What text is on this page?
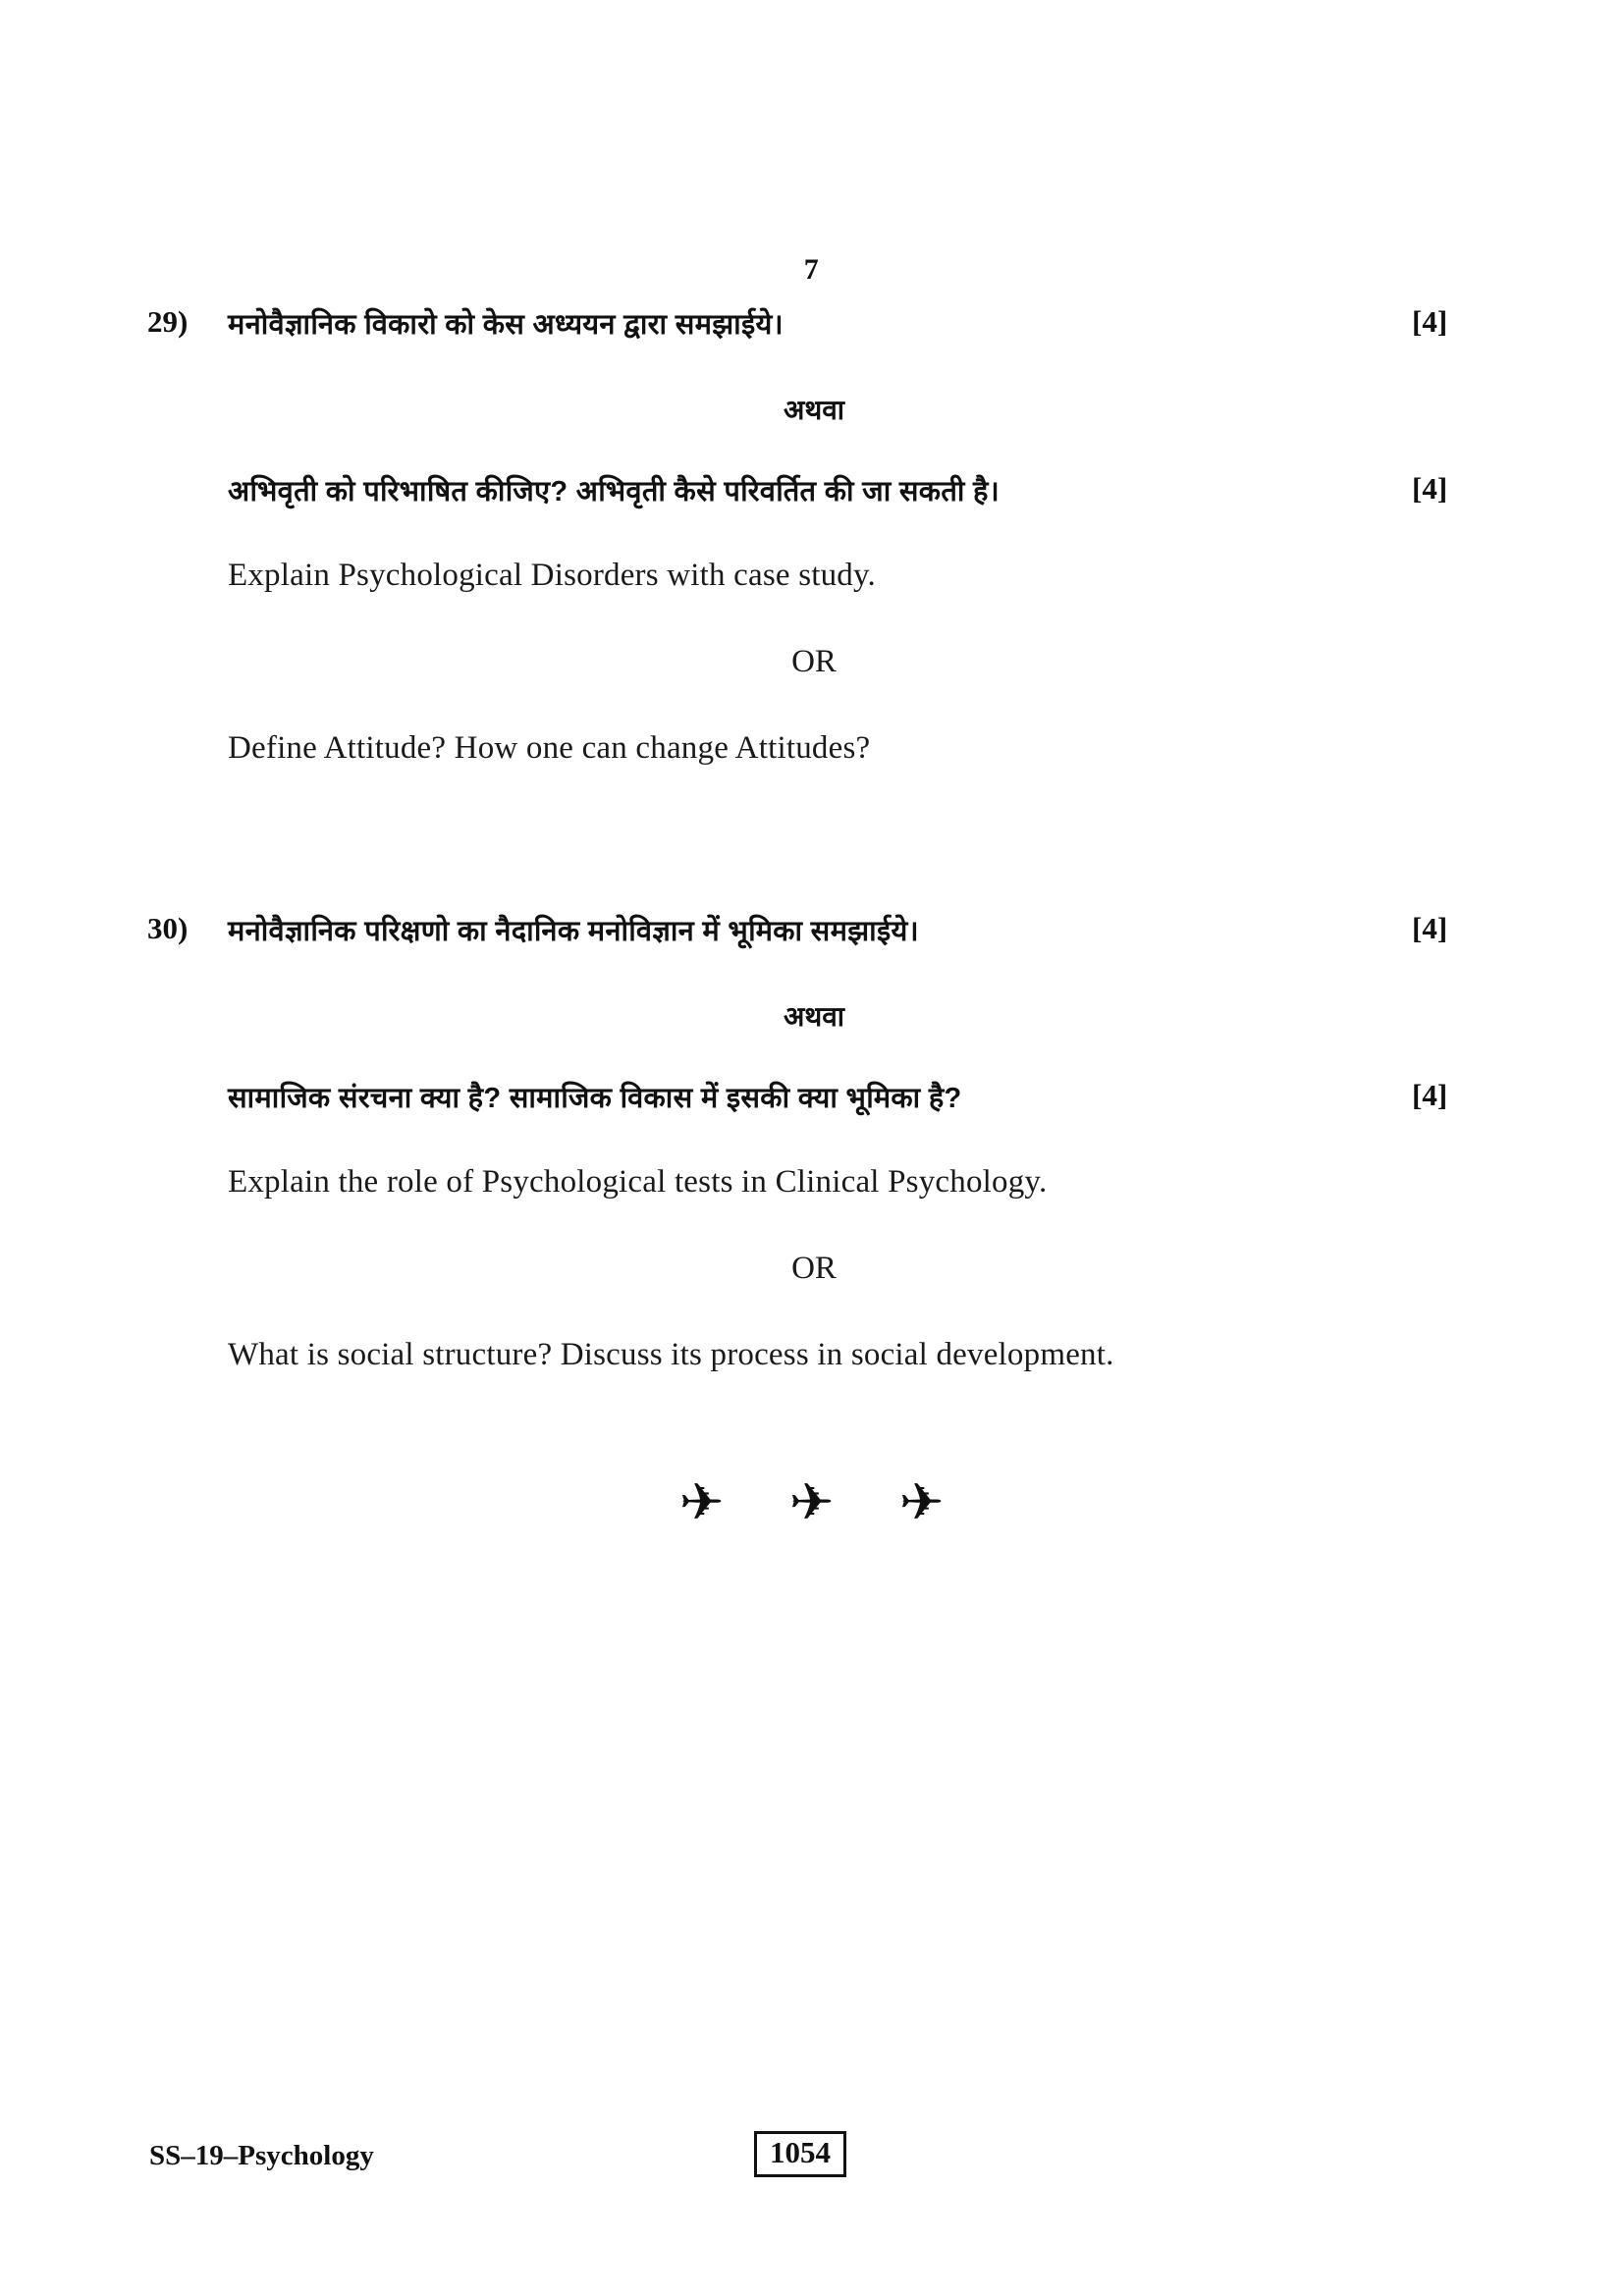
7
29) मनोवैज्ञानिक विकारो को केस अध्ययन द्वारा समझाईये।	[4]
अथवा
अभिवृती को परिभाषित कीजिए? अभिवृती कैसे परिवर्तित की जा सकती है।	[4]
Explain Psychological Disorders with case study.
OR
Define Attitude? How one can change Attitudes?
30) मनोवैज्ञानिक परिक्षणो का नैदानिक मनोविज्ञान में भूमिका समझाईये।	[4]
अथवा
सामाजिक संरचना क्या है? सामाजिक विकास में इसकी क्या भूमिका है?	[4]
Explain the role of Psychological tests in Clinical Psychology.
OR
What is social structure? Discuss its process in social development.
✈ ✈ ✈
SS–19–Psychology	1054
